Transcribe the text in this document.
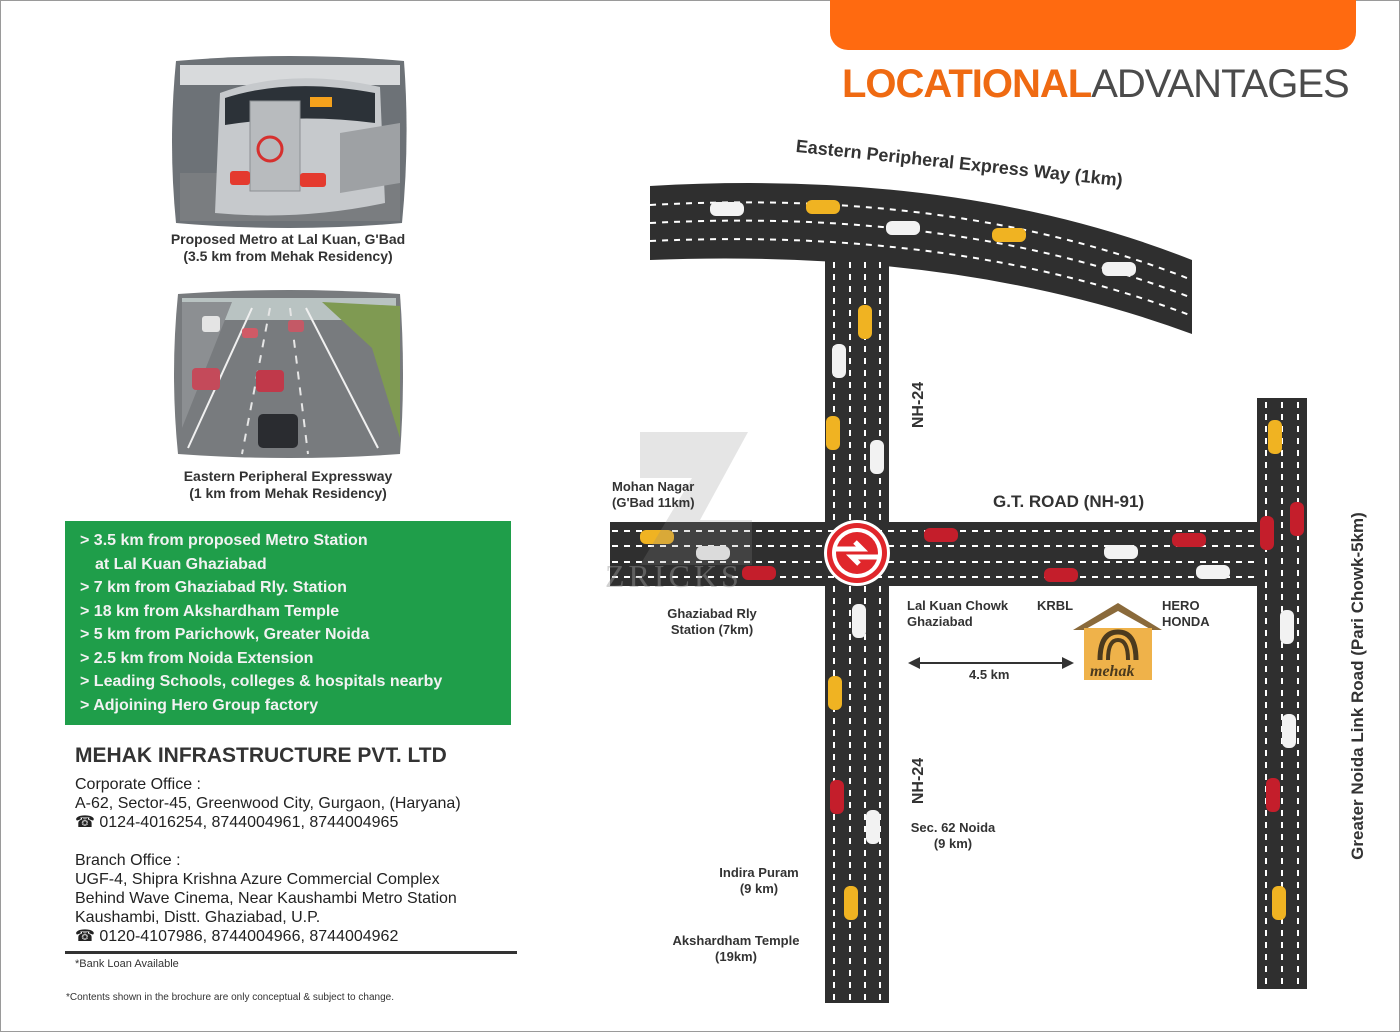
LOCATIONALADVANTAGES
Proposed Metro at Lal Kuan, G'Bad
(3.5 km from Mehak Residency)
Eastern Peripheral Expressway
(1 km from Mehak Residency)
> 3.5 km from proposed Metro Station
at Lal Kuan Ghaziabad
> 7 km from Ghaziabad Rly. Station
> 18 km from Akshardham Temple
> 5 km from Parichowk, Greater Noida
> 2.5 km from Noida Extension
> Leading Schools, colleges & hospitals nearby
> Adjoining Hero Group factory
MEHAK INFRASTRUCTURE PVT. LTD
Corporate Office :
A-62, Sector-45, Greenwood City, Gurgaon, (Haryana)
☎ 0124-4016254, 8744004961, 8744004965
Branch Office :
UGF-4, Shipra Krishna Azure Commercial Complex
Behind Wave Cinema, Near Kaushambi Metro Station
Kaushambi, Distt. Ghaziabad, U.P.
☎ 0120-4107986, 8744004966, 8744004962
*Bank Loan Available
*Contents shown in the brochure are only conceptual & subject to change.
ZRICKS
mehak
Eastern Peripheral Express Way (1km)
NH-24
NH-24
G.T. ROAD (NH-91)
Greater Noida Link Road (Pari Chowk-5km)
Mohan Nagar
(G'Bad 11km)
Ghaziabad Rly
Station (7km)
Lal Kuan Chowk
Ghaziabad
KRBL	HERO
HONDA
4.5 km
Sec. 62 Noida
(9 km)
Indira Puram
(9 km)
Akshardham Temple
(19km)
